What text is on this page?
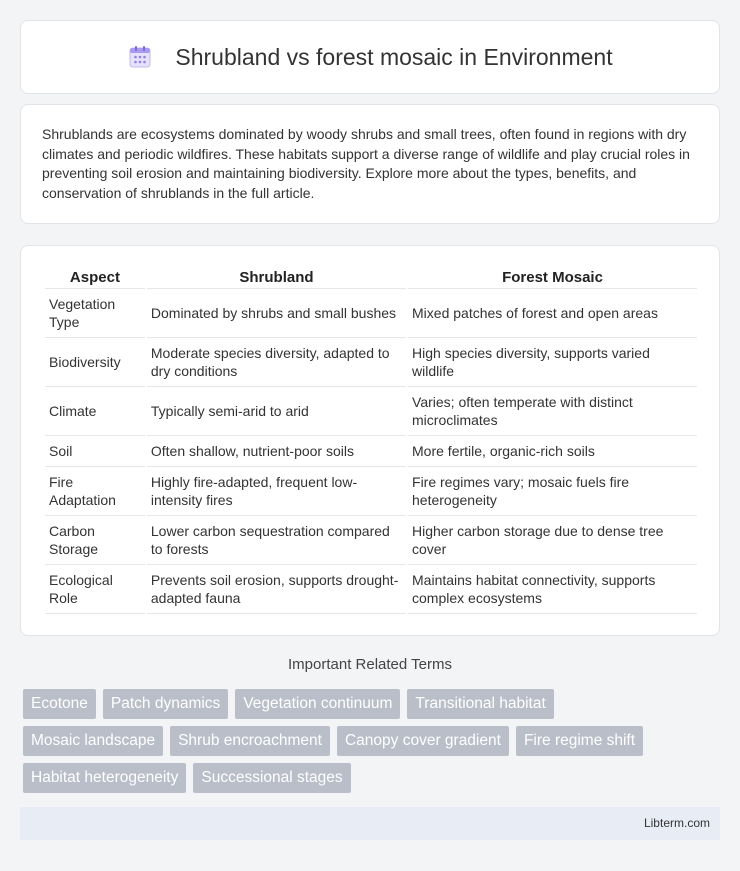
Shrubland vs forest mosaic in Environment

Shrublands are ecosystems dominated by woody shrubs and small trees, often found in regions with dry climates and periodic wildfires. These habitats support a diverse range of wildlife and play crucial roles in preventing soil erosion and maintaining biodiversity. Explore more about the types, benefits, and conservation of shrublands in the full article.

Aspect	Shrubland	Forest Mosaic
Vegetation Type	Dominated by shrubs and small bushes	Mixed patches of forest and open areas
Biodiversity	Moderate species diversity, adapted to dry conditions	High species diversity, supports varied wildlife
Climate	Typically semi-arid to arid	Varies; often temperate with distinct microclimates
Soil	Often shallow, nutrient-poor soils	More fertile, organic-rich soils
Fire Adaptation	Highly fire-adapted, frequent low-intensity fires	Fire regimes vary; mosaic fuels fire heterogeneity
Carbon Storage	Lower carbon sequestration compared to forests	Higher carbon storage due to dense tree cover
Ecological Role	Prevents soil erosion, supports drought-adapted fauna	Maintains habitat connectivity, supports complex ecosystems
Important Related Terms
Ecotone	Patch dynamics	Vegetation continuum	Transitional habitat
Mosaic landscape	Shrub encroachment	Canopy cover gradient	Fire regime shift
Habitat heterogeneity	Successional stages
Libterm.com
